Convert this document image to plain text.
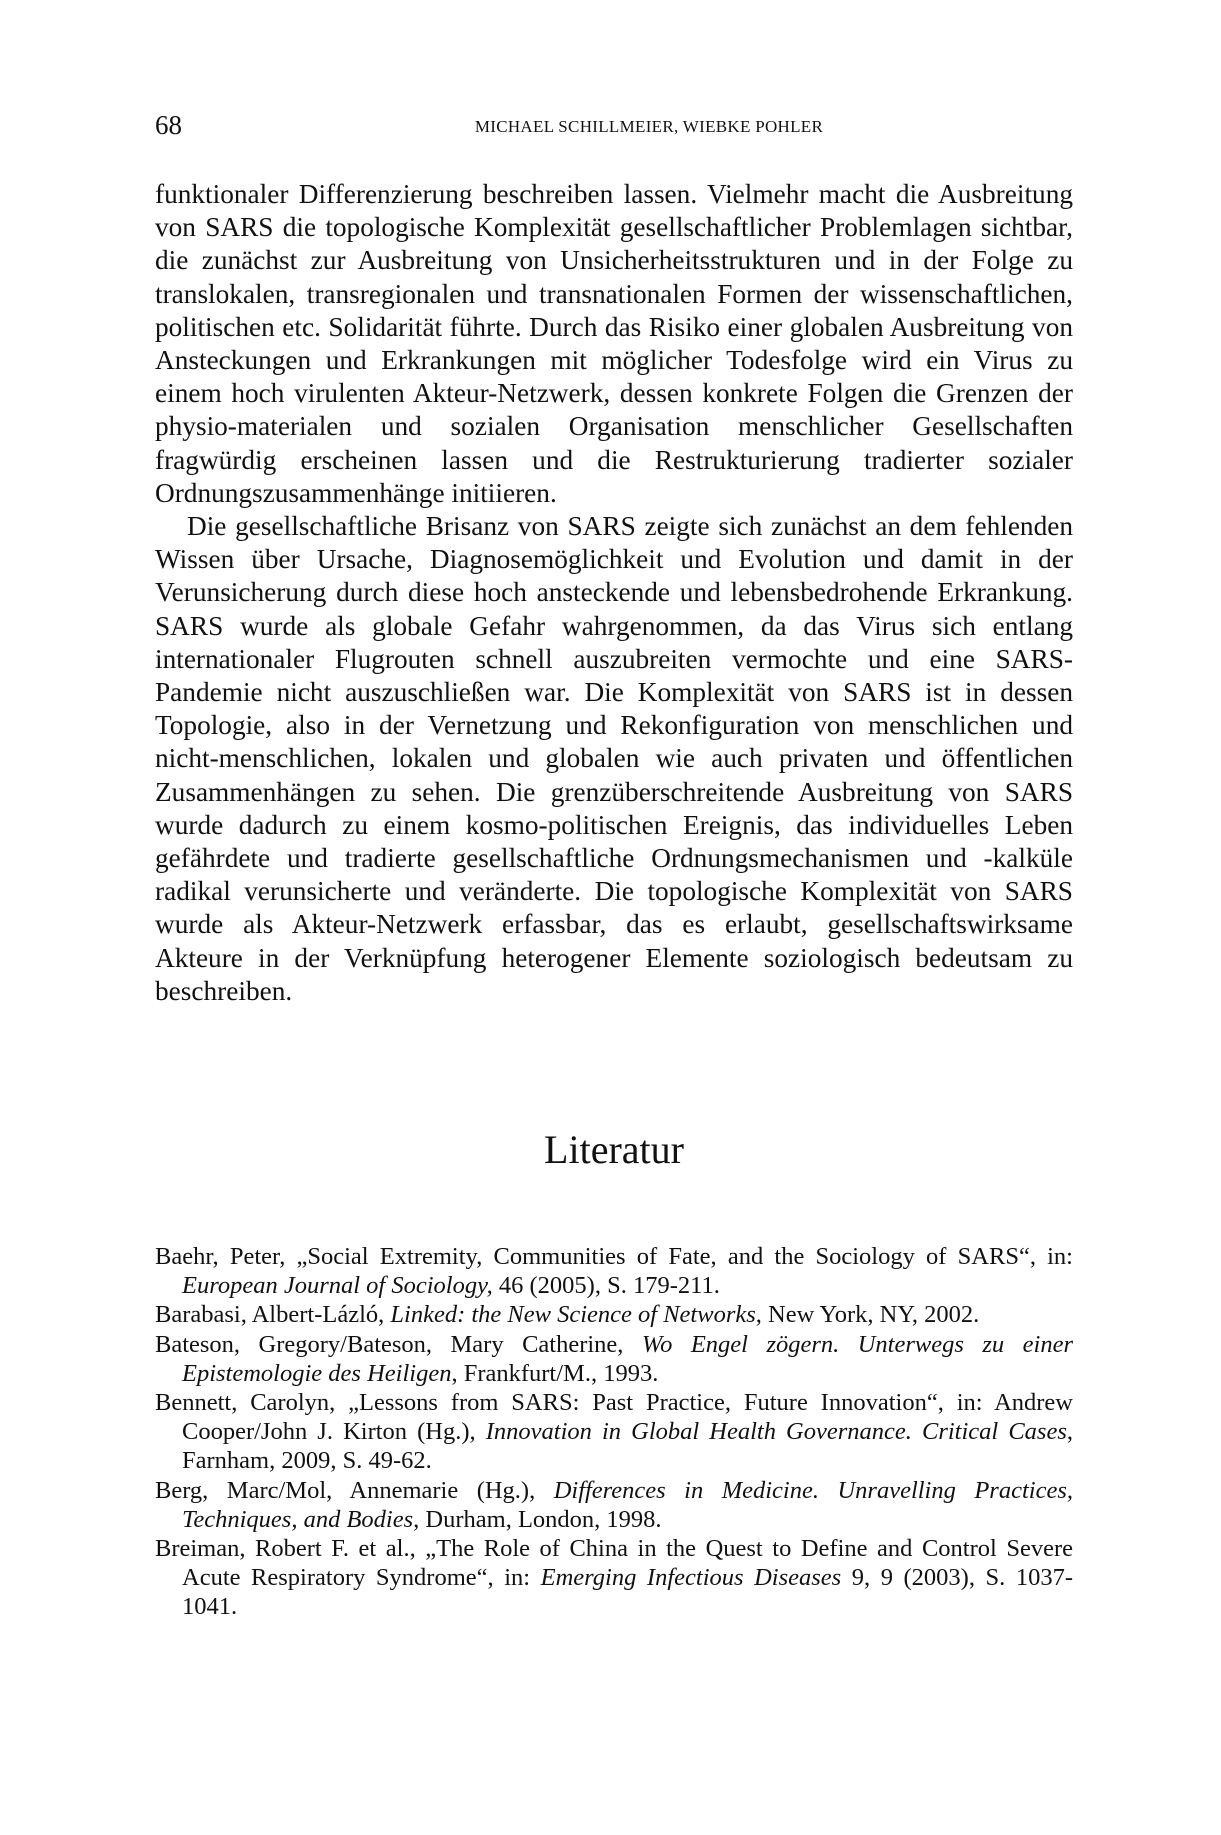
68	MICHAEL SCHILLMEIER, WIEBKE POHLER

funktionaler Differenzierung beschreiben lassen. Vielmehr macht die Ausbreitung von SARS die topologische Komplexität gesellschaftlicher Problemlagen sichtbar, die zunächst zur Ausbreitung von Unsicherheitsstrukturen und in der Folge zu translokalen, transregionalen und transnationalen Formen der wissenschaftlichen, politischen etc. Solidarität führte. Durch das Risiko einer globalen Ausbreitung von Ansteckungen und Erkrankungen mit möglicher Todesfolge wird ein Virus zu einem hoch virulenten Akteur-Netzwerk, dessen konkrete Folgen die Grenzen der physio-materialen und sozialen Organisation menschlicher Gesellschaften fragwürdig erscheinen lassen und die Restrukturierung tradierter sozialer Ordnungszusammenhänge initiieren.

Die gesellschaftliche Brisanz von SARS zeigte sich zunächst an dem fehlenden Wissen über Ursache, Diagnosemöglichkeit und Evolution und damit in der Verunsicherung durch diese hoch ansteckende und lebensbedrohende Erkrankung. SARS wurde als globale Gefahr wahrgenommen, da das Virus sich entlang internationaler Flugrouten schnell auszubreiten vermochte und eine SARS-Pandemie nicht auszuschließen war. Die Komplexität von SARS ist in dessen Topologie, also in der Vernetzung und Rekonfiguration von menschlichen und nicht-menschlichen, lokalen und globalen wie auch privaten und öffentlichen Zusammenhängen zu sehen. Die grenzüberschreitende Ausbreitung von SARS wurde dadurch zu einem kosmo-politischen Ereignis, das individuelles Leben gefährdete und tradierte gesellschaftliche Ordnungsmechanismen und -kalküle radikal verunsicherte und veränderte. Die topologische Komplexität von SARS wurde als Akteur-Netzwerk erfassbar, das es erlaubt, gesellschaftswirksame Akteure in der Verknüpfung heterogener Elemente soziologisch bedeutsam zu beschreiben.

Literatur

Baehr, Peter, „Social Extremity, Communities of Fate, and the Sociology of SARS“, in: European Journal of Sociology, 46 (2005), S. 179-211.

Barabasi, Albert-Lázló, Linked: the New Science of Networks, New York, NY, 2002.

Bateson, Gregory/Bateson, Mary Catherine, Wo Engel zögern. Unterwegs zu einer Epistemologie des Heiligen, Frankfurt/M., 1993.

Bennett, Carolyn, „Lessons from SARS: Past Practice, Future Innovation“, in: Andrew Cooper/John J. Kirton (Hg.), Innovation in Global Health Governance. Critical Cases, Farnham, 2009, S. 49-62.

Berg, Marc/Mol, Annemarie (Hg.), Differences in Medicine. Unravelling Practices, Techniques, and Bodies, Durham, London, 1998.

Breiman, Robert F. et al., „The Role of China in the Quest to Define and Control Severe Acute Respiratory Syndrome“, in: Emerging Infectious Diseases 9, 9 (2003), S. 1037-1041.
